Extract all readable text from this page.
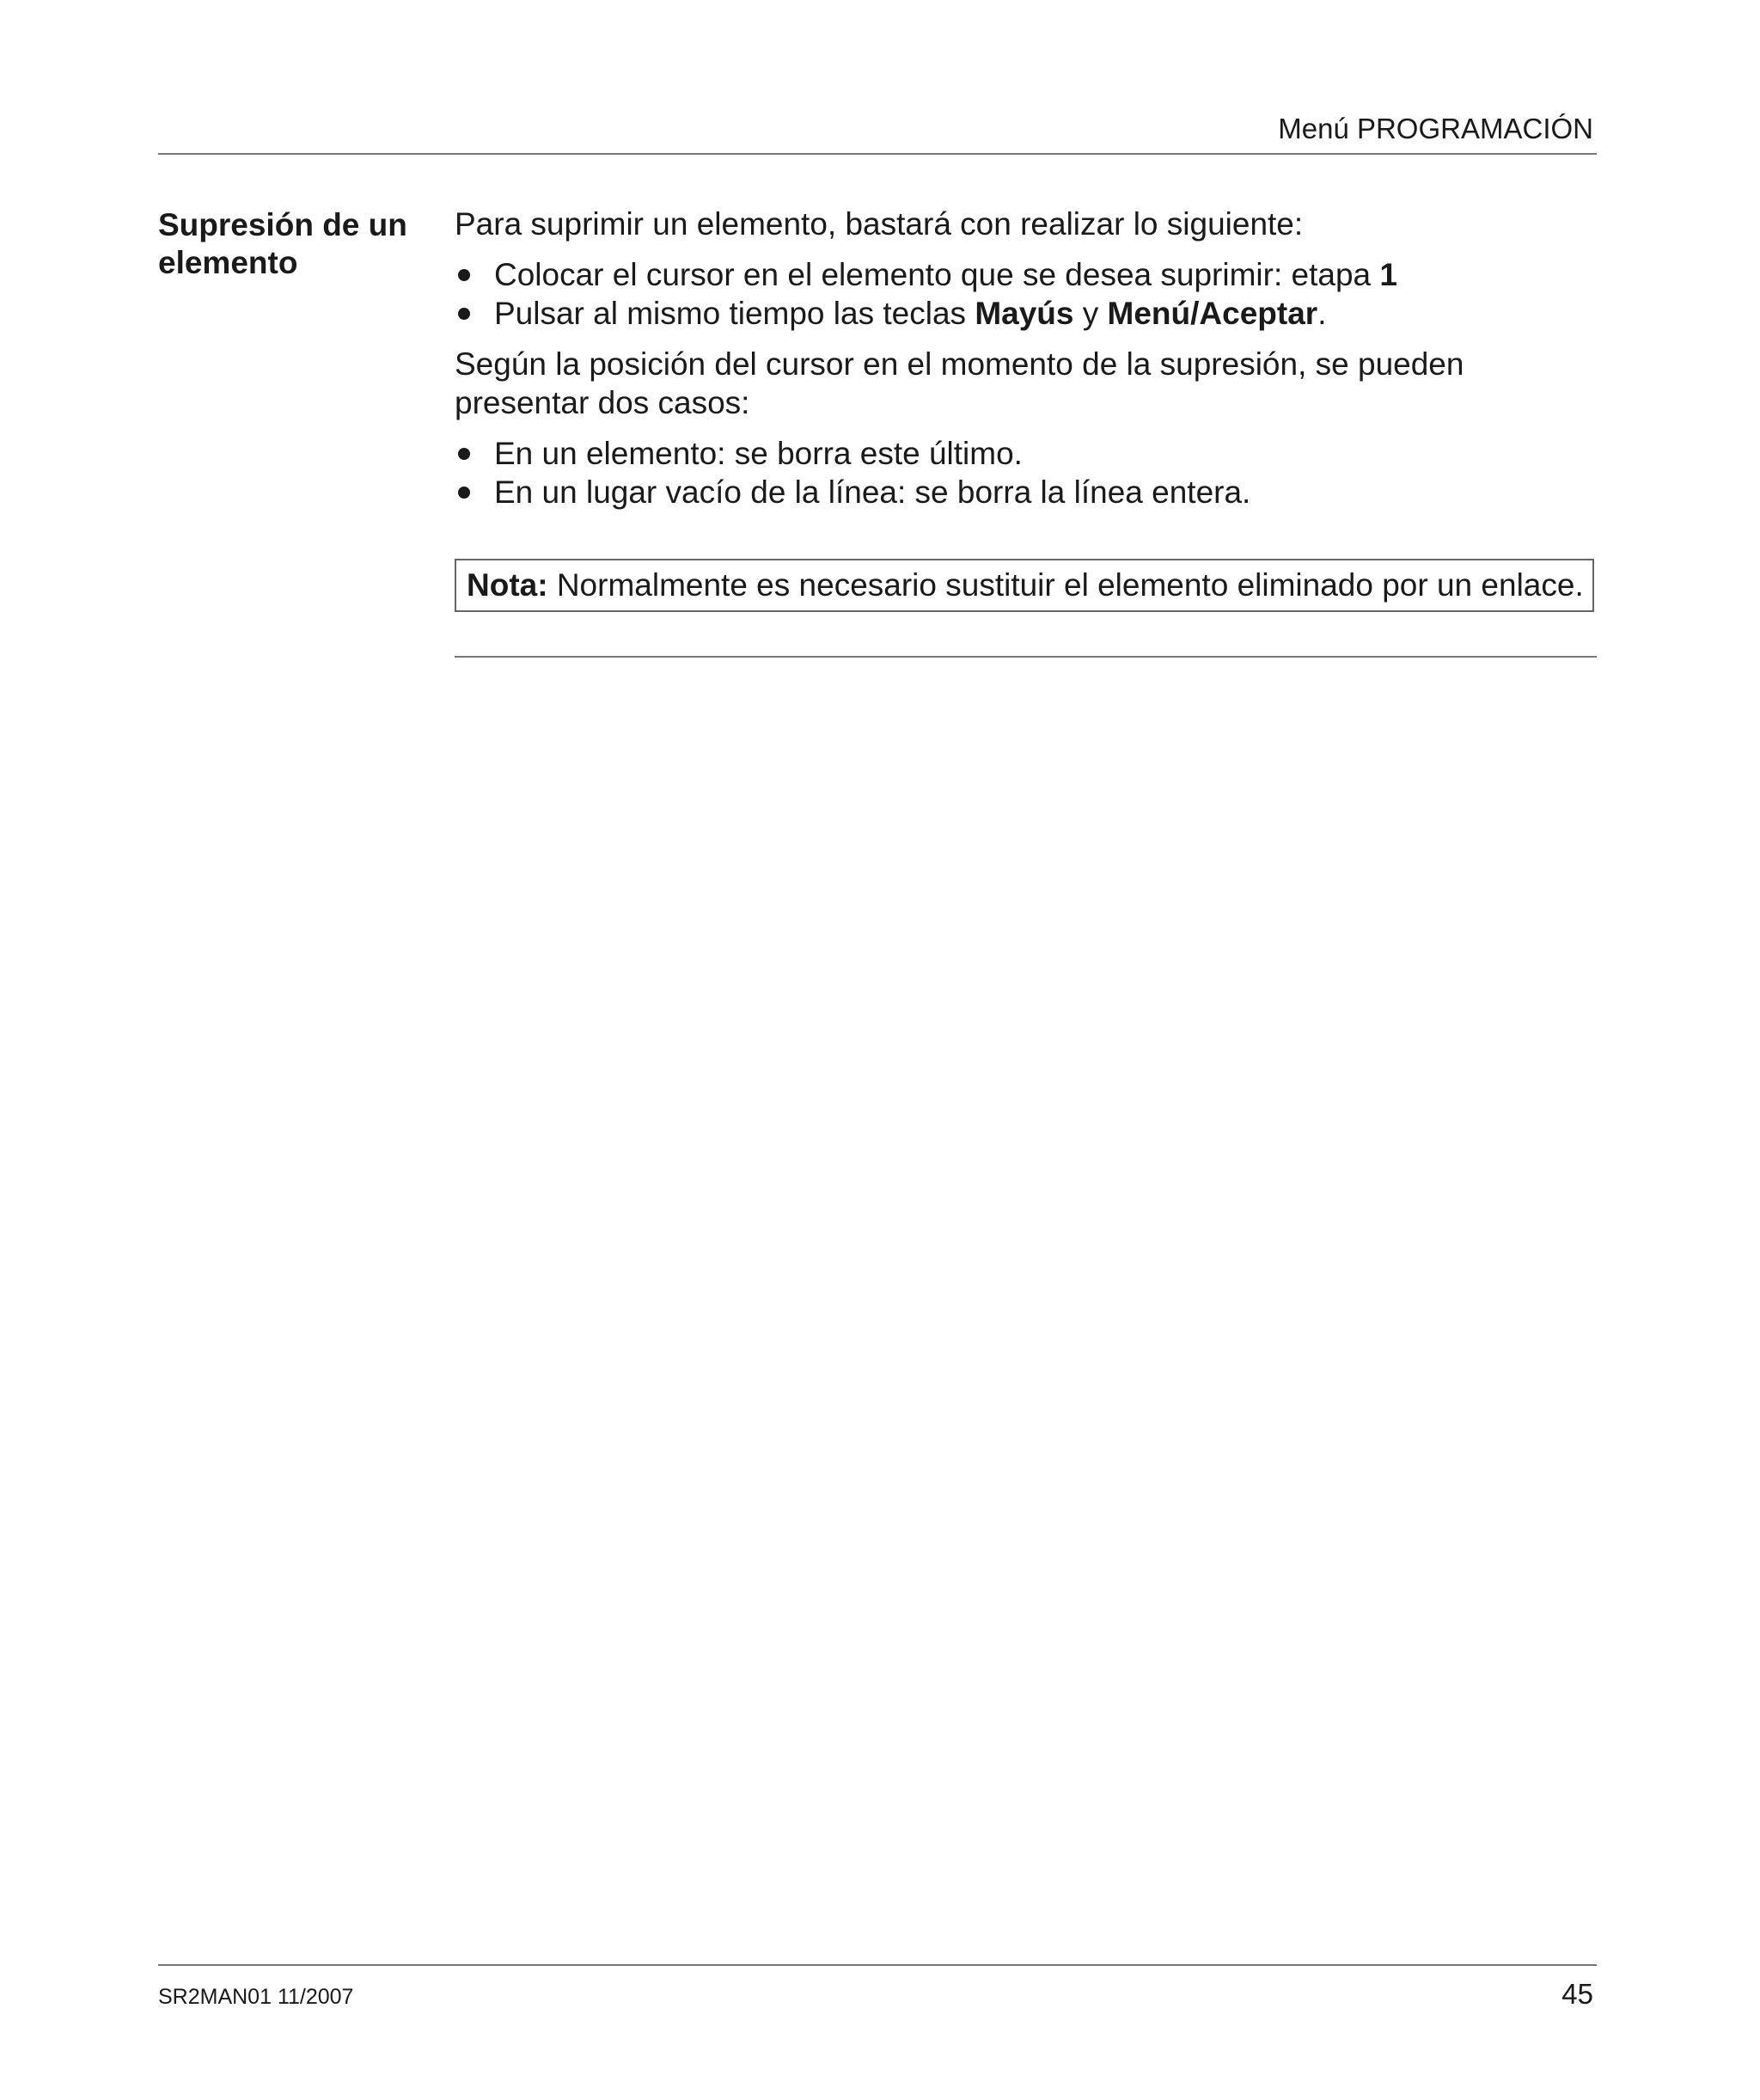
Menú PROGRAMACIÓN
Supresión de un elemento

Para suprimir un elemento, bastará con realizar lo siguiente:

Colocar el cursor en el elemento que se desea suprimir: etapa 1
Pulsar al mismo tiempo las teclas Mayús y Menú/Aceptar.

Según la posición del cursor en el momento de la supresión, se pueden presentar dos casos:

En un elemento: se borra este último.
En un lugar vacío de la línea: se borra la línea entera.
Nota: Normalmente es necesario sustituir el elemento eliminado por un enlace.
SR2MAN01 11/2007	45
